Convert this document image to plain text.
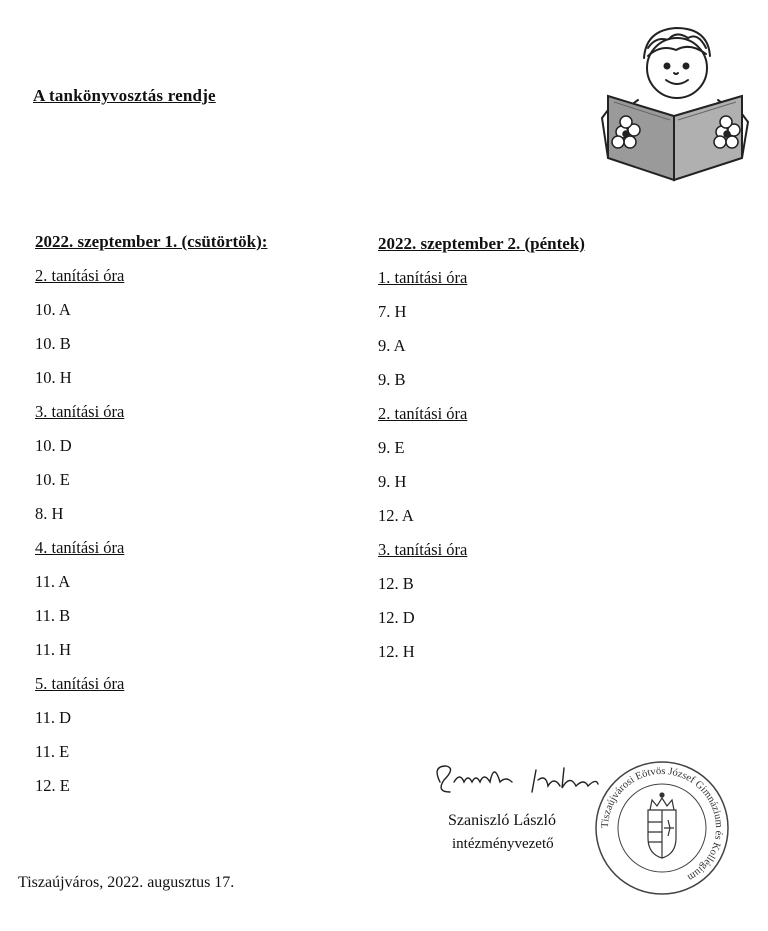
A tankönyvosztás rendje
2022. szeptember 1. (csütörtök):
2. tanítási óra
10. A
10. B
10. H
3. tanítási óra
10. D
10. E
8. H
4. tanítási óra
11. A
11. B
11. H
5. tanítási óra
11. D
11. E
12. E
2022. szeptember 2. (péntek)
1. tanítási óra
7. H
9. A
9. B
2. tanítási óra
9. E
9. H
12. A
3. tanítási óra
12. B
12. D
12. H
Szaniszló László
intézményvezető
Tiszaújvárosi Eötvös József Gimnázium és Kollégium
Tiszaújváros, 2022. augusztus 17.
